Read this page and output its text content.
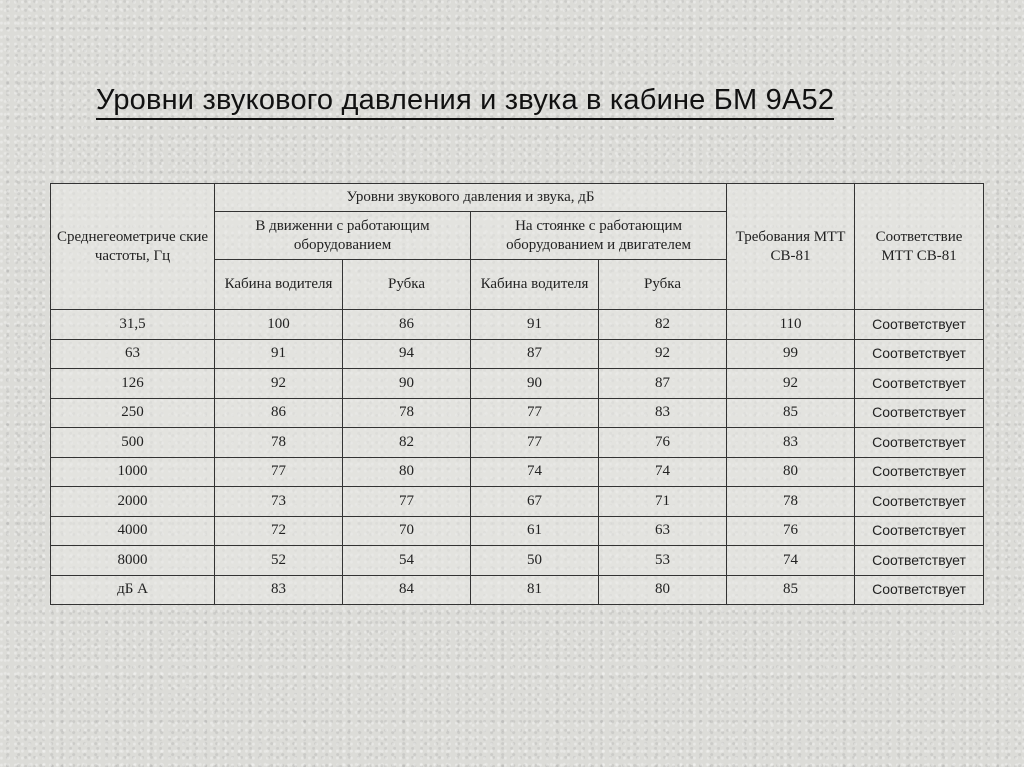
Уровни звукового давления и звука в кабине БМ 9А52
Среднегеометриче ские частоты, Гц	Уровни звукового давления и звука, дБ				Требования МТТ СВ-81	Соответствие МТТ СВ-81
	В движенни с работающим оборудованием		На стоянке с работающим оборудованием и двигателем			
	Кабина водителя	Рубка	Кабина водителя	Рубка		
31,5	100	86	91	82	110	Соответствует
63	91	94	87	92	99	Соответствует
126	92	90	90	87	92	Соответствует
250	86	78	77	83	85	Соответствует
500	78	82	77	76	83	Соответствует
1000	77	80	74	74	80	Соответствует
2000	73	77	67	71	78	Соответствует
4000	72	70	61	63	76	Соответствует
8000	52	54	50	53	74	Соответствует
дБ А	83	84	81	80	85	Соответствует
